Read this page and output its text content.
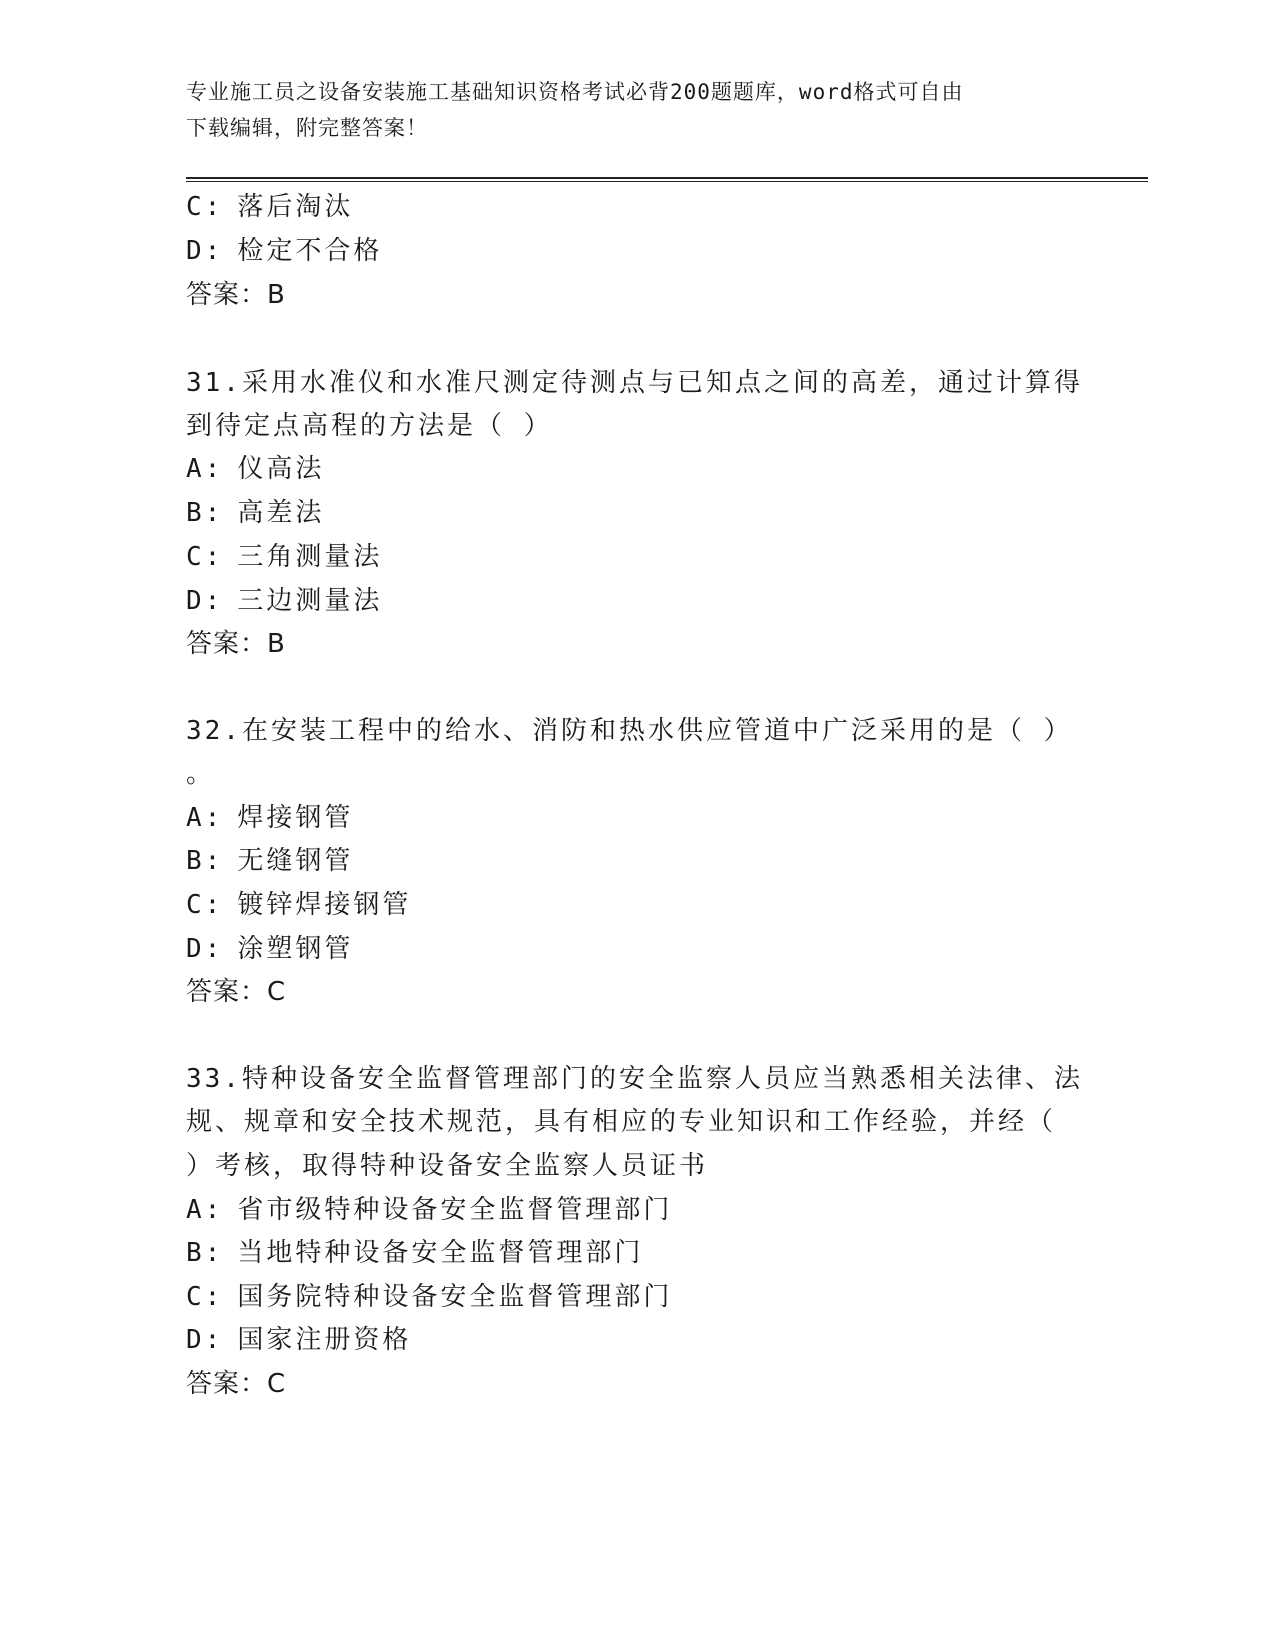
专业施工员之设备安装施工基础知识资格考试必背200题题库，word格式可自由
下载编辑，附完整答案！
C: 落后淘汰
D: 检定不合格
答案：B
31.采用水准仪和水准尺测定待测点与已知点之间的高差，通过计算得
到待定点高程的方法是（ ）
A: 仪高法
B: 高差法
C: 三角测量法
D: 三边测量法
答案：B
32.在安装工程中的给水、消防和热水供应管道中广泛采用的是（ ）
。
A: 焊接钢管
B: 无缝钢管
C: 镀锌焊接钢管
D: 涂塑钢管
答案：C
33.特种设备安全监督管理部门的安全监察人员应当熟悉相关法律、法
规、规章和安全技术规范，具有相应的专业知识和工作经验，并经（
）考核，取得特种设备安全监察人员证书
A: 省市级特种设备安全监督管理部门
B: 当地特种设备安全监督管理部门
C: 国务院特种设备安全监督管理部门
D: 国家注册资格
答案：C
